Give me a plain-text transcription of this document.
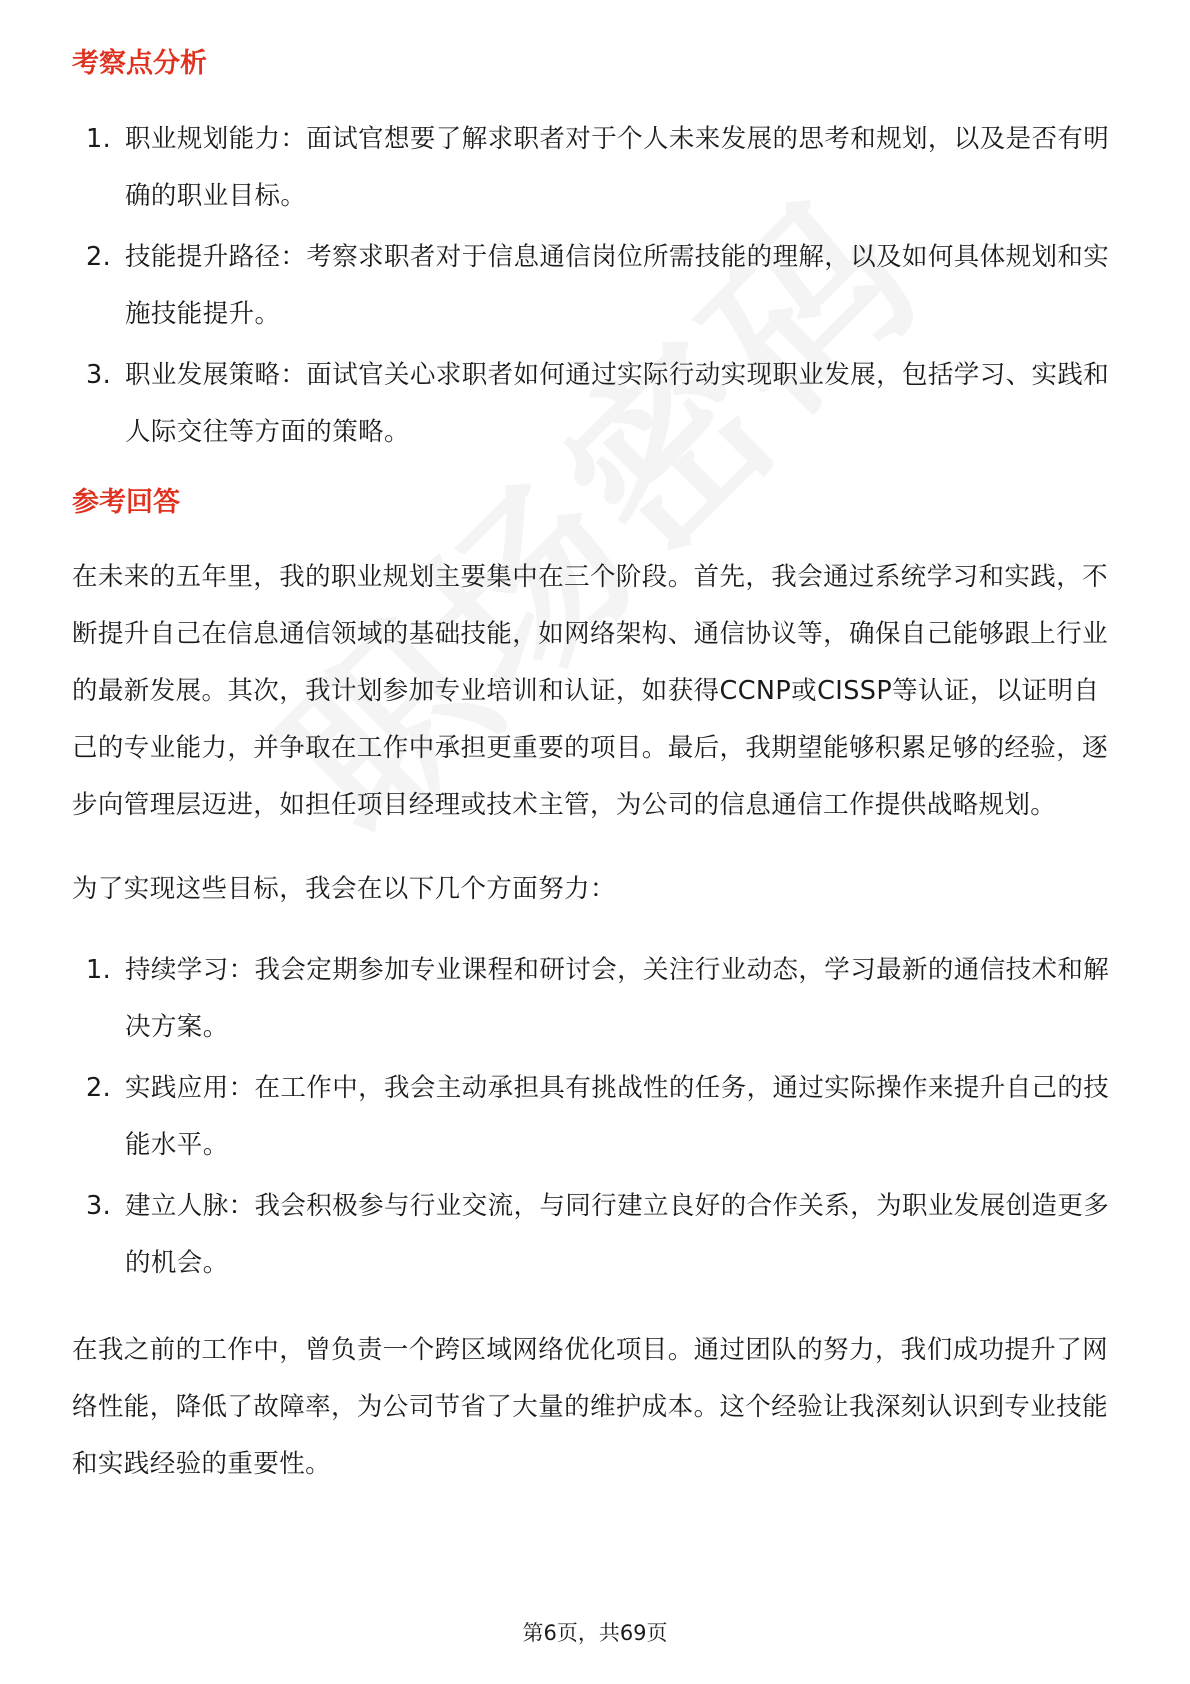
考察点分析
1. 职业规划能力：面试官想要了解求职者对于个人未来发展的思考和规划，以及是否有明确的职业目标。
2. 技能提升路径：考察求职者对于信息通信岗位所需技能的理解，以及如何具体规划和实施技能提升。
3. 职业发展策略：面试官关心求职者如何通过实际行动实现职业发展，包括学习、实践和人际交往等方面的策略。
参考回答

在未来的五年里，我的职业规划主要集中在三个阶段。首先，我会通过系统学习和实践，不断提升自己在信息通信领域的基础技能，如网络架构、通信协议等，确保自己能够跟上行业的最新发展。其次，我计划参加专业培训和认证，如获得CCNP或CISSP等认证，以证明自己的专业能力，并争取在工作中承担更重要的项目。最后，我期望能够积累足够的经验，逐步向管理层迈进，如担任项目经理或技术主管，为公司的信息通信工作提供战略规划。

为了实现这些目标，我会在以下几个方面努力：

1. 持续学习：我会定期参加专业课程和研讨会，关注行业动态，学习最新的通信技术和解决方案。
2. 实践应用：在工作中，我会主动承担具有挑战性的任务，通过实际操作来提升自己的技能水平。
3. 建立人脉：我会积极参与行业交流，与同行建立良好的合作关系，为职业发展创造更多的机会。

在我之前的工作中，曾负责一个跨区域网络优化项目。通过团队的努力，我们成功提升了网络性能，降低了故障率，为公司节省了大量的维护成本。这个经验让我深刻认识到专业技能和实践经验的重要性。

第6页，共69页
